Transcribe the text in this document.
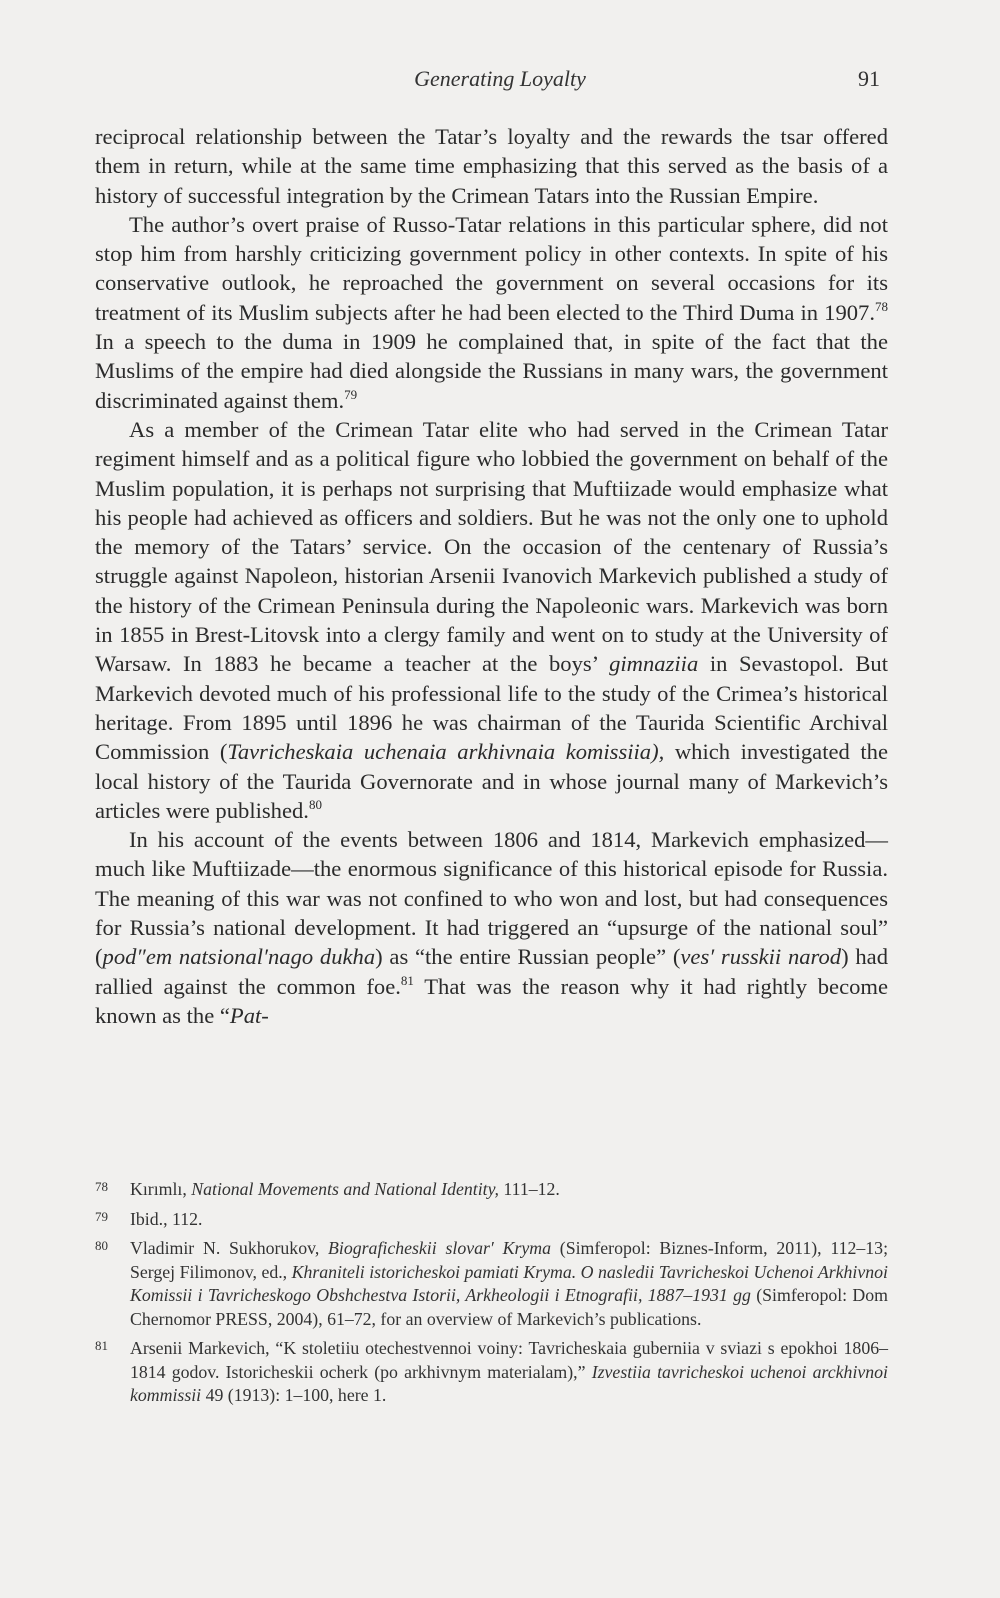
Generating Loyalty	91

reciprocal relationship between the Tatar’s loyalty and the rewards the tsar offered them in return, while at the same time emphasizing that this served as the basis of a history of successful integration by the Crimean Tatars into the Russian Empire.

The author’s overt praise of Russo-Tatar relations in this particular sphere, did not stop him from harshly criticizing government policy in other contexts. In spite of his conservative outlook, he reproached the government on several occasions for its treatment of its Muslim subjects after he had been elected to the Third Duma in 1907.78 In a speech to the duma in 1909 he complained that, in spite of the fact that the Muslims of the empire had died alongside the Russians in many wars, the government discriminated against them.$^{79}$

As a member of the Crimean Tatar elite who had served in the Crimean Tatar regiment himself and as a political figure who lobbied the government on behalf of the Muslim population, it is perhaps not surprising that Muftiizade would emphasize what his people had achieved as officers and soldiers. But he was not the only one to uphold the memory of the Tatars’ service. On the occasion of the centenary of Russia’s struggle against Napoleon, historian Arsenii Ivanovich Markevich published a study of the history of the Crimean Peninsula during the Napoleonic wars. Markevich was born in 1855 in Brest-Litovsk into a clergy family and went on to study at the University of Warsaw. In 1883 he became a teacher at the boys’ gimnaziia in Sevastopol. But Markevich devoted much of his professional life to the study of the Crimea’s historical heritage. From 1895 until 1896 he was chairman of the Taurida Scientific Archival Commission (Tavricheskaia uchenaia arkhivnaia komissiia), which investigated the local history of the Taurida Governorate and in whose journal many of Markevich’s articles were published.$^{80}$

In his account of the events between 1806 and 1814, Markevich emphasized—much like Muftiizade—the enormous significance of this historical episode for Russia. The meaning of this war was not confined to who won and lost, but had consequences for Russia’s national development. It had triggered an “upsurge of the national soul” (pod″em natsional′nago dukha) as “the entire Russian people” (ves′ russkii narod) had rallied against the common foe.$^{81}$ That was the reason why it had rightly become known as the “Pat-

78 Kırımlı, National Movements and National Identity, 111–12.
79 Ibid., 112.
80 Vladimir N. Sukhorukov, Biograficheskii slovar′ Kryma (Simferopol: Biznes-Inform, 2011), 112–13; Sergej Filimonov, ed., Khraniteli istoricheskoi pamiati Kryma. O nasledii Tavricheskoi Uchenoi Arkhivnoi Komissii i Tavricheskogo Obshchestva Istorii, Arkheologii i Etnografii, 1887–1931 gg (Simferopol: Dom Chernomor PRESS, 2004), 61–72, for an overview of Markevich’s publications.
81 Arsenii Markevich, “K stoletiiu otechestvennoi voiny: Tavricheskaia guberniia v sviazi s epokhoi 1806–1814 godov. Istoricheskii ocherk (po arkhivnym materialam),” Izvestiia tavricheskoi uchenoi arckhivnoi kommissii 49 (1913): 1–100, here 1.
